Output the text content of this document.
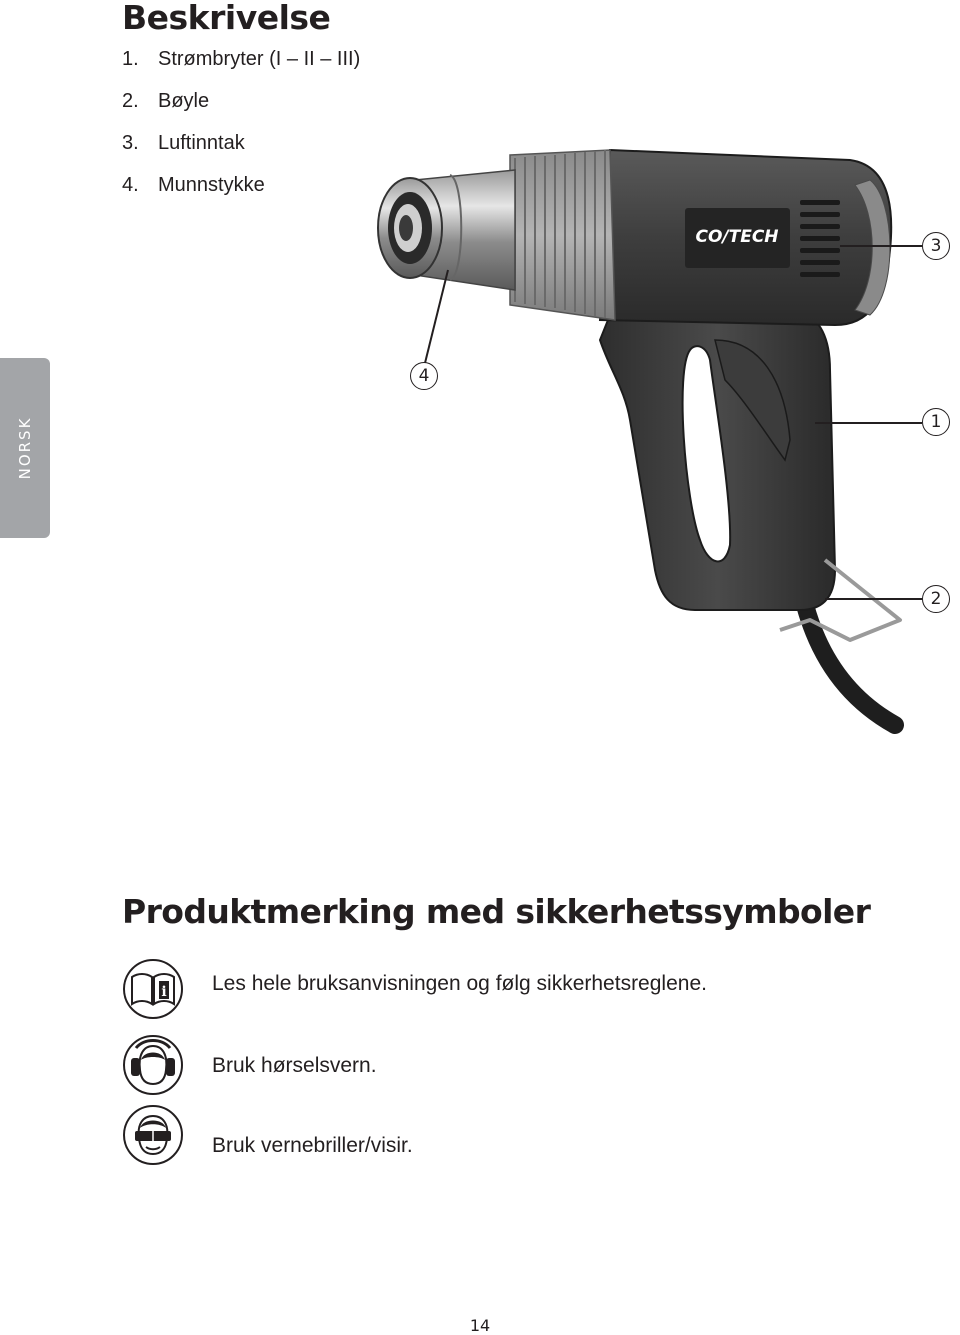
Beskrivelse
1. Strømbryter (I – II – III)
2. Bøyle
3. Luftinntak
4. Munnstykke
NORSK
CO/TECH	3
4
1
2
Produktmerking med sikkerhetssymboler
i Les hele bruksanvisningen og følg sikkerhetsreglene.
Bruk hørselsvern.
Bruk vernebriller/visir.
14
